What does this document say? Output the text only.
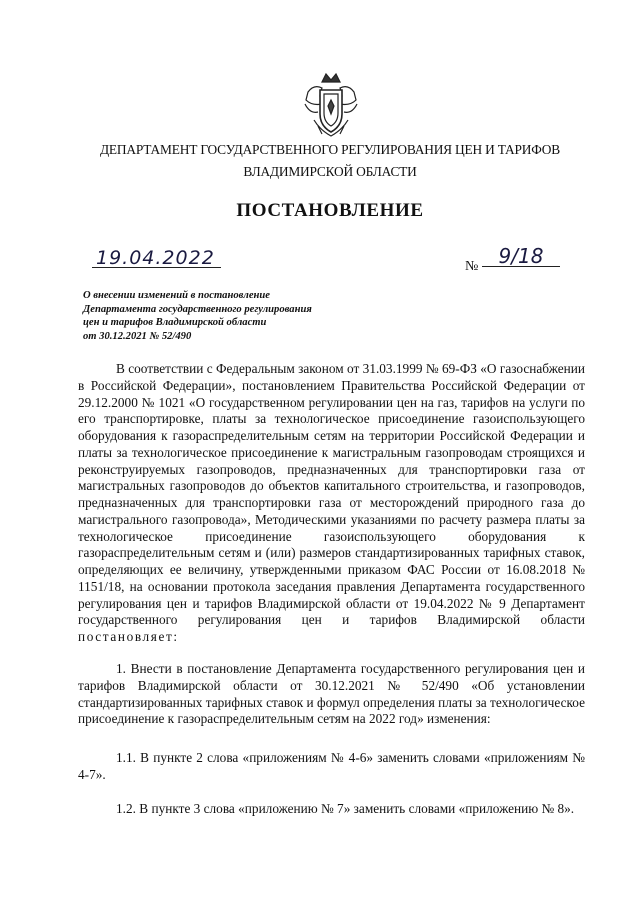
ДЕПАРТАМЕНТ ГОСУДАРСТВЕННОГО РЕГУЛИРОВАНИЯ ЦЕН И ТАРИФОВ
ВЛАДИМИРСКОЙ ОБЛАСТИ
ПОСТАНОВЛЕНИЕ
19.04.2022	№	9/18
О внесении изменений в постановление
Департамента государственного регулирования
цен и тарифов Владимирской области
от 30.12.2021 № 52/490

В соответствии с Федеральным законом от 31.03.1999 № 69-ФЗ «О газоснабжении в Российской Федерации», постановлением Правительства Российской Федерации от 29.12.2000 № 1021 «О государственном регулировании цен на газ, тарифов на услуги по его транспортировке, платы за технологическое присоединение газоиспользующего оборудования к газораспределительным сетям на территории Российской Федерации и платы за технологическое присоединение к магистральным газопроводам строящихся и реконструируемых газопроводов, предназначенных для транспортировки газа от магистральных газопроводов до объектов капитального строительства, и газопроводов, предназначенных для транспортировки газа от месторождений природного газа до магистрального газопровода», Методическими указаниями по расчету размера платы за технологическое присоединение газоиспользующего оборудования к газораспределительным сетям и (или) размеров стандартизированных тарифных ставок, определяющих ее величину, утвержденными приказом ФАС России от 16.08.2018 № 1151/18, на основании протокола заседания правления Департамента государственного регулирования цен и тарифов Владимирской области от 19.04.2022 № 9 Департамент государственного регулирования цен и тарифов Владимирской области постановляет:

1. Внести в постановление Департамента государственного регулирования цен и тарифов Владимирской области от 30.12.2021 № 52/490 «Об установлении стандартизированных тарифных ставок и формул определения платы за технологическое присоединение к газораспределительным сетям на 2022 год» изменения:

1.1. В пункте 2 слова «приложениям № 4-6» заменить словами «приложениям № 4-7».

1.2. В пункте 3 слова «приложению № 7» заменить словами «приложению № 8».
